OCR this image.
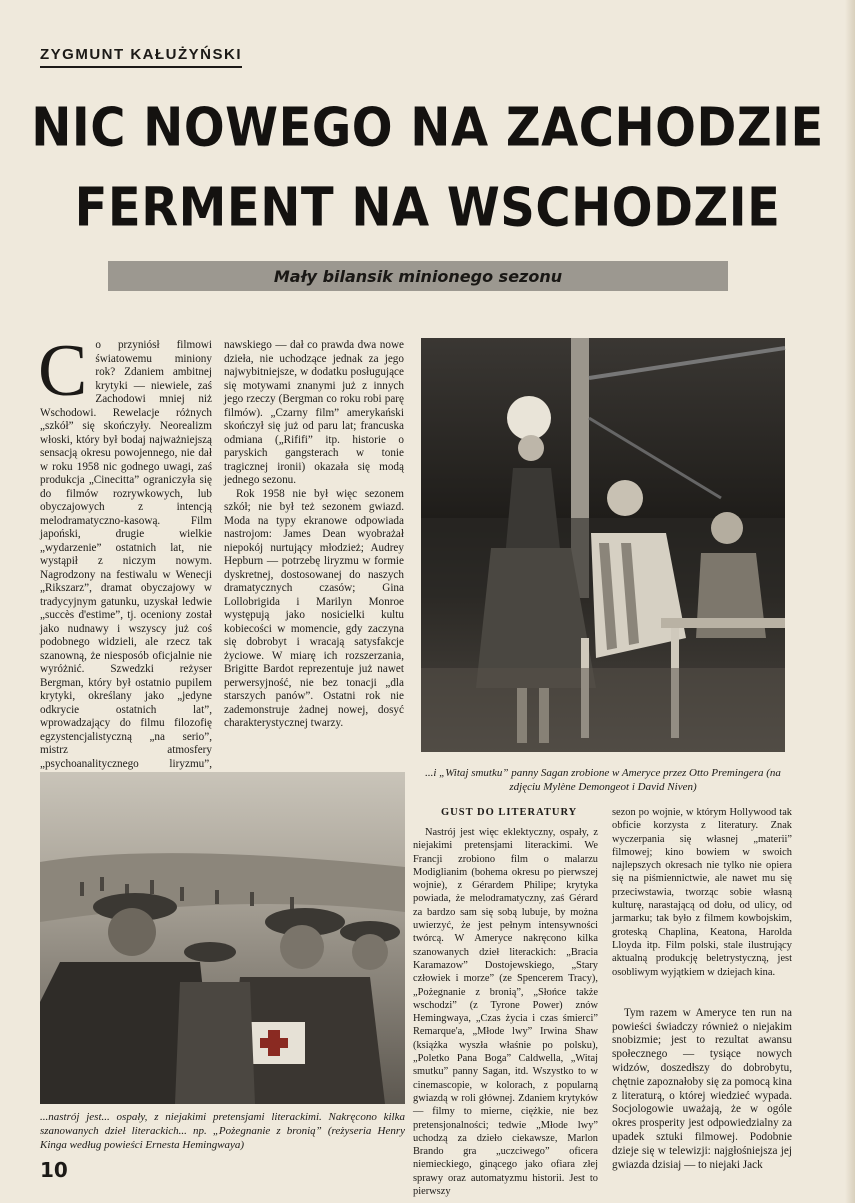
ZYGMUNT KAŁUŻYŃSKI
NIC NOWEGO NA ZACHODZIE
FERMENT NA WSCHODZIE
Mały bilansik minionego sezonu
C o przyniósł filmowi światowemu miniony rok? Zdaniem ambitnej krytyki — niewiele, zaś Zachodowi mniej niż Wschodowi. Rewelacje różnych „szkół” się skończyły. Neorealizm włoski, który był bodaj najważniejszą sensacją okresu powojennego, nie dał w roku 1958 nic godnego uwagi, zaś produkcja „Cinecitta” ograniczyła się do filmów rozrywkowych, lub obyczajowych z intencją melodramatyczno-kasową. Film japoński, drugie wielkie „wydarzenie” ostatnich lat, nie wystąpił z niczym nowym. Nagrodzony na festiwalu w Wenecji „Rikszarz”, dramat obyczajowy w tradycyjnym gatunku, uzyskał ledwie „succès d'estime”, tj. oceniony został jako nudnawy i wszyscy już coś podobnego widzieli, ale rzecz tak szanowną, że niesposób oficjalnie nie wyróżnić. Szwedzki reżyser Bergman, który był ostatnio pupilem krytyki, określany jako „jedyne odkrycie ostatnich lat”, wprowadzający do filmu filozofię egzystencjalistyczną „na serio”, mistrz atmosfery „psychoanalitycznego liryzmu”,

nawskiego — dał co prawda dwa nowe dzieła, nie uchodzące jednak za jego najwybitniejsze, w dodatku posługujące się motywami znanymi już z innych jego rzeczy (Bergman co roku robi parę filmów). „Czarny film” amerykański skończył się już od paru lat; francuska odmiana („Rififi” itp. historie o paryskich gangsterach w tonie tragicznej ironii) okazała się modą jednego sezonu.

Rok 1958 nie był więc sezonem szkół; nie był też sezonem gwiazd. Moda na typy ekranowe odpowiada nastrojom: James Dean wyobrażał niepokój nurtujący młodzież; Audrey Hepburn — potrzebę liryzmu w formie dyskretnej, dostosowanej do naszych dramatycznych czasów; Gina Lollobrigida i Marilyn Monroe występują jako nosicielki kultu kobiecości w momencie, gdy zaczyna się dobrobyt i wracają satysfakcje życiowe. W miarę ich rozszerzania, Brigitte Bardot reprezentuje już nawet perwersyjność, nie bez tonacji „dla starszych panów”. Ostatni rok nie zademonstruje żadnej nowej, dosyć charakterystycznej twarzy.

...i „Witaj smutku” panny Sagan zrobione w Ameryce przez Otto Premingera (na zdjęciu Mylène Demongeot i David Niven)
...nastrój jest... ospały, z niejakimi pretensjami literackimi. Nakręcono kilka szanowanych dzieł literackich... np. „Pożegnanie z bronią” (reżyseria Henry Kinga według powieści Ernesta Hemingwaya)
GUST DO LITERATURY

Nastrój jest więc eklektyczny, ospały, z niejakimi pretensjami literackimi. We Francji zrobiono film o malarzu Modiglianim (bohema okresu po pierwszej wojnie), z Gérardem Philipe; krytyka powiada, że melodramatyczny, zaś Gérard za bardzo sam się sobą lubuje, by można uwierzyć, że jest pełnym intensywności twórcą. W Ameryce nakręcono kilka szanowanych dzieł literackich: „Bracia Karamazow” Dostojewskiego, „Stary człowiek i morze” (ze Spencerem Tracy), „Pożegnanie z bronią”, „Słońce także wschodzi” (z Tyrone Power) znów Hemingwaya, „Czas życia i czas śmierci” Remarque'a, „Młode lwy” Irwina Shaw (książka wyszła właśnie po polsku), „Poletko Pana Boga” Caldwella, „Witaj smutku” panny Sagan, itd. Wszystko to w cinemascopie, w kolorach, z popularną gwiazdą w roli głównej. Zdaniem krytyków — filmy to mierne, ciężkie, nie bez pretensjonalności; tedwie „Młode lwy” uchodzą za dzieło ciekawsze, Marlon Brando gra „uczciwego” oficera niemieckiego, ginącego jako ofiara złej sprawy oraz automatyzmu historii. Jest to pierwszy

sezon po wojnie, w którym Hollywood tak obficie korzysta z literatury. Znak wyczerpania się własnej „materii” filmowej; kino bowiem w swoich najlepszych okresach nie tylko nie opiera się na piśmiennictwie, ale nawet mu się przeciwstawia, tworząc sobie własną kulturę, narastającą od dołu, od ulicy, od jarmarku; tak było z filmem kowbojskim, groteską Chaplina, Keatona, Harolda Lloyda itp. Film polski, stale ilustrujący aktualną produkcję beletrystyczną, jest osobliwym wyjątkiem w dziejach kina.

Tym razem w Ameryce ten run na powieści świadczy również o niejakim snobizmie; jest to rezultat awansu społecznego — tysiące nowych widzów, doszedłszy do dobrobytu, chętnie zapoznałoby się za pomocą kina z literaturą, o której wiedzieć wypada. Socjologowie uważają, że w ogóle okres prosperity jest odpowiedzialny za upadek sztuki filmowej. Podobnie dzieje się w telewizji: najgłośniejsza jej gwiazda dzisiaj — to niejaki Jack

10
